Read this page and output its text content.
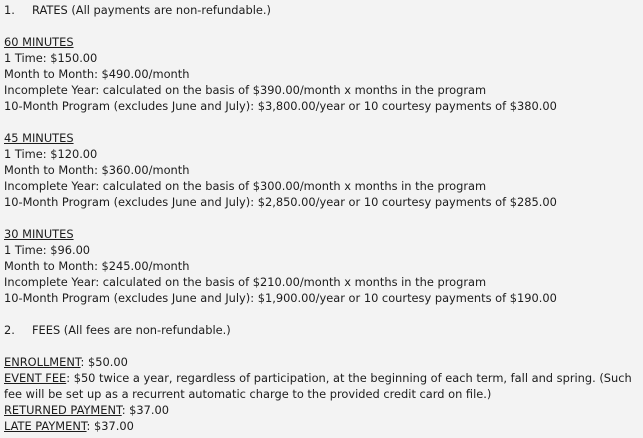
1. RATES (All payments are non-refundable.)
60 MINUTES
1 Time: $150.00
Month to Month: $490.00/month
Incomplete Year: calculated on the basis of $390.00/month x months in the program
10-Month Program (excludes June and July): $3,800.00/year or 10 courtesy payments of $380.00
45 MINUTES
1 Time: $120.00
Month to Month: $360.00/month
Incomplete Year: calculated on the basis of $300.00/month x months in the program
10-Month Program (excludes June and July): $2,850.00/year or 10 courtesy payments of $285.00
30 MINUTES
1 Time: $96.00
Month to Month: $245.00/month
Incomplete Year: calculated on the basis of $210.00/month x months in the program
10-Month Program (excludes June and July): $1,900.00/year or 10 courtesy payments of $190.00
2. FEES (All fees are non-refundable.)
ENROLLMENT: $50.00
EVENT FEE: $50 twice a year, regardless of participation, at the beginning of each term, fall and spring. (Such fee will be set up as a recurrent automatic charge to the provided credit card on file.)
RETURNED PAYMENT: $37.00
LATE PAYMENT: $37.00
